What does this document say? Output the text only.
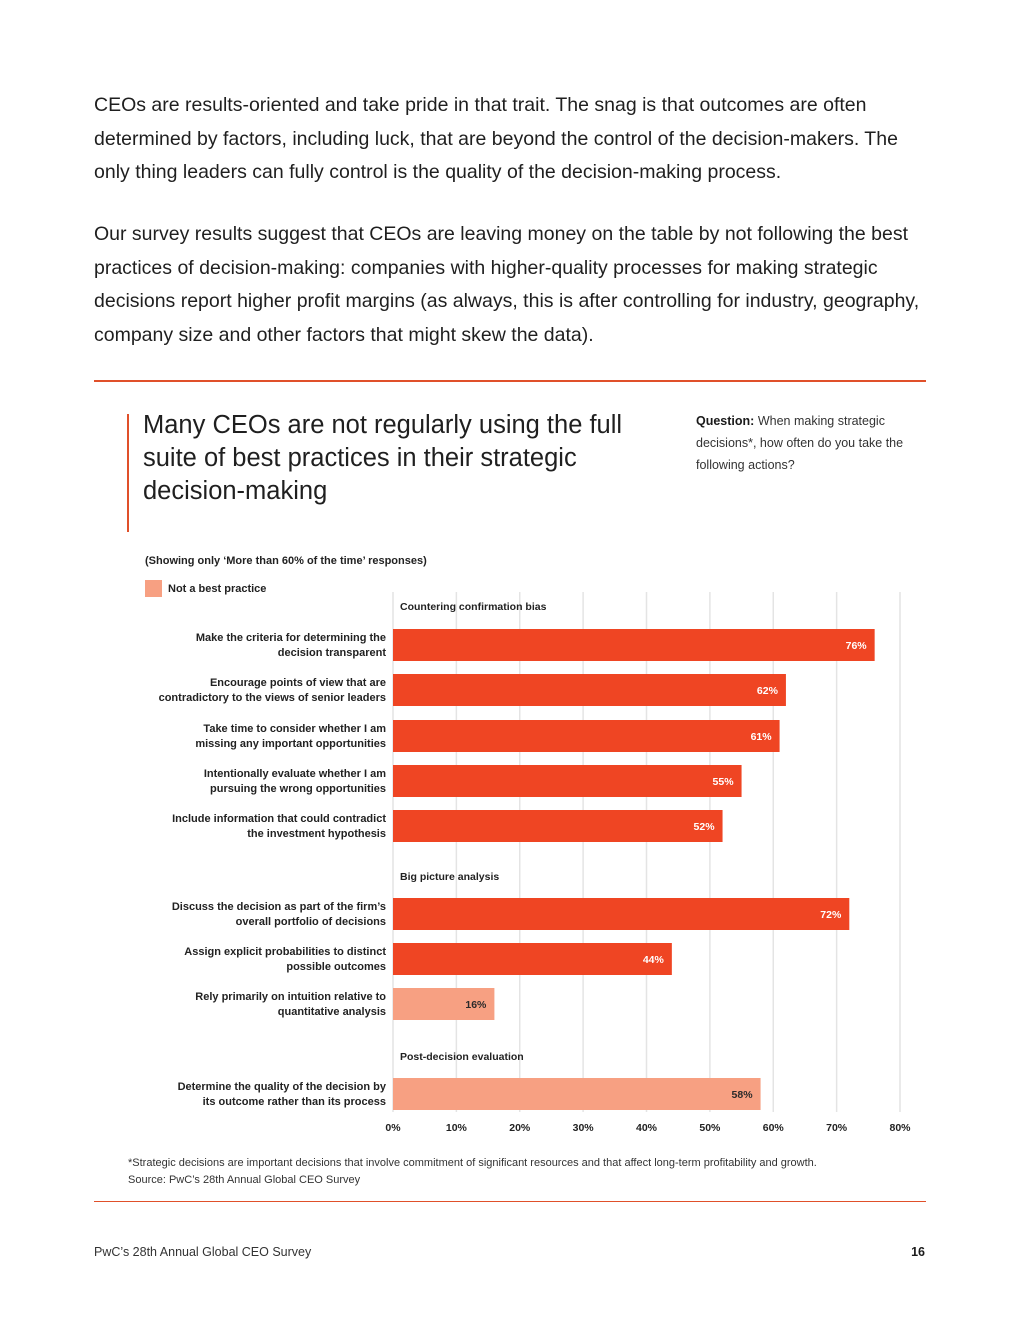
CEOs are results-oriented and take pride in that trait. The snag is that outcomes are often determined by factors, including luck, that are beyond the control of the decision-makers. The only thing leaders can fully control is the quality of the decision-making process.

Our survey results suggest that CEOs are leaving money on the table by not following the best practices of decision-making: companies with higher-quality processes for making strategic decisions report higher profit margins (as always, this is after controlling for industry, geography, company size and other factors that might skew the data).

Many CEOs are not regularly using the full suite of best practices in their strategic decision-making
Question: When making strategic decisions*, how often do you take the following actions?
(Showing only ‘More than 60% of the time’ responses)
Not a best practice
Countering confirmation bias
76%
Make the criteria for determining the decision transparent
62%
Encourage points of view that are contradictory to the views of senior leaders
61%
Take time to consider whether I am missing any important opportunities
55%
Intentionally evaluate whether I am pursuing the wrong opportunities
52%
Include information that could contradict the investment hypothesis
Big picture analysis
72%
Discuss the decision as part of the firm’s overall portfolio of decisions
44%
Assign explicit probabilities to distinct possible outcomes
16%
Rely primarily on intuition relative to quantitative analysis
Post-decision evaluation
58%
Determine the quality of the decision by its outcome rather than its process
0%	10%	20%	30%	40%	50%	60%	70%	80%
*Strategic decisions are important decisions that involve commitment of significant resources and that affect long-term profitability and growth.
Source: PwC’s 28th Annual Global CEO Survey
PwC’s 28th Annual Global CEO Survey	16
